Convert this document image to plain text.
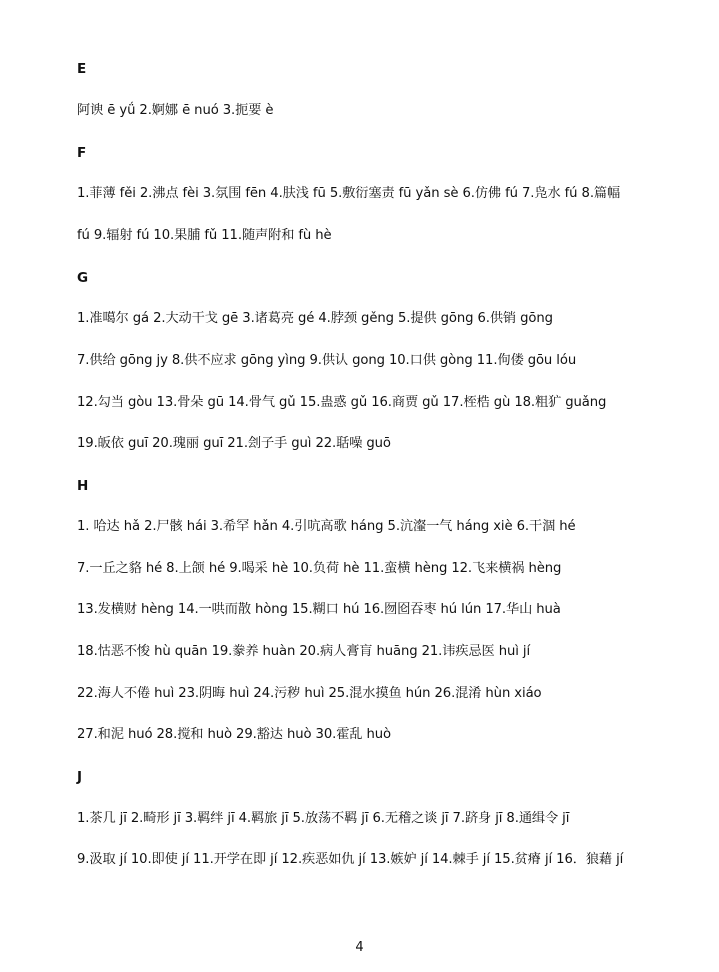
E
阿谀 ē yǘ 2.婀娜 ē nuó 3.扼要 è
F
1.菲薄 fěi 2.沸点 fèi 3.氛围 fēn 4.肤浅 fū 5.敷衍塞责 fū yǎn sè 6.仿佛 fú 7.凫水 fú 8.篇幅
fú 9.辐射 fú 10.果脯 fǔ 11.随声附和 fù hè
G
1.准噶尔 gá 2.大动干戈 gē 3.诸葛亮 gé 4.脖颈 gěng 5.提供 gōng 6.供销 gōng
7.供给 gōng jy 8.供不应求 gōng yìng 9.供认 gong 10.口供 gòng 11.佝偻 gōu lóu
12.勾当 gòu 13.骨朵 gū 14.骨气 gǔ 15.蛊惑 gǔ 16.商贾 gǔ 17.桎梏 gù 18.粗犷 guǎng
19.皈依 guī 20.瑰丽 guī 21.刽子手 guì 22.聒噪 guō
H
1. 哈达 hǎ 2.尸骸 hái 3.希罕 hǎn 4.引吭高歌 háng 5.沆瀣一气 háng xiè 6.干涸 hé
7.一丘之貉 hé 8.上颌 hé 9.喝采 hè 10.负荷 hè 11.蛮横 hèng 12.飞来横祸 hèng
13.发横财 hèng 14.一哄而散 hòng 15.糊口 hú 16.囫囵吞枣 hú lún 17.华山 huà
18.怙恶不悛 hù quān 19.豢养 huàn 20.病人膏肓 huāng 21.讳疾忌医 huì jí
22.海人不倦 huì 23.阴晦 huì 24.污秽 huì 25.混水摸鱼 hún 26.混淆 hùn xiáo
27.和泥 huó 28.搅和 huò 29.豁达 huò 30.霍乱 huò
J
1.茶几 jī 2.畸形 jī 3.羁绊 jī 4.羁旅 jī 5.放荡不羁 jī 6.无稽之谈 jī 7.跻身 jī 8.通缉令 jī
9.汲取 jí 10.即使 jí 11.开学在即 jí 12.疾恶如仇 jí 13.嫉妒 jí 14.棘手 jí 15.贫瘠 jí 16．狼藉 jí
4
